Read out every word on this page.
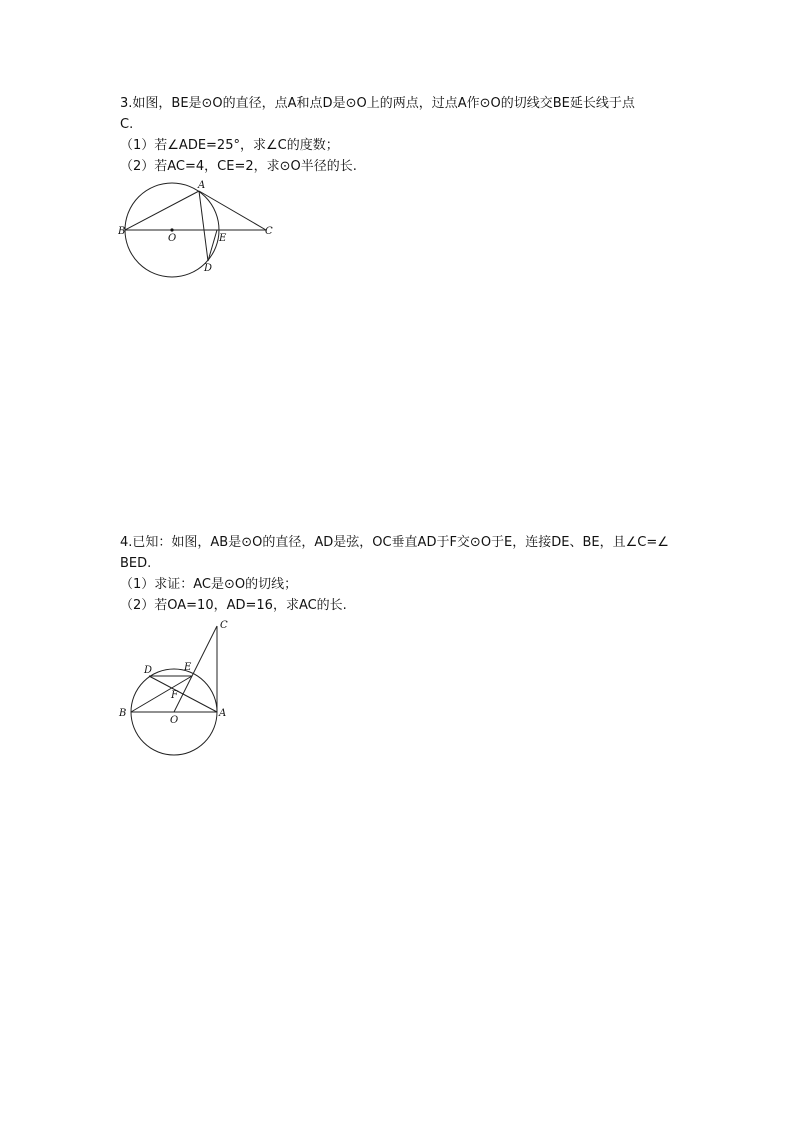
3.如图，BE是⊙O的直径，点A和点D是⊙O上的两点，过点A作⊙O的切线交BE延长线于点
C.
（1）若∠ADE=25°，求∠C的度数；
（2）若AC=4，CE=2，求⊙O半径的长.
A
B
O	E
C
D
4.已知：如图，AB是⊙O的直径，AD是弦，OC垂直AD于F交⊙O于E，连接DE、BE，且∠C=∠
BED.
（1）求证：AC是⊙O的切线；
（2）若OA=10，AD=16，求AC的长.
C
D	E
F
B
O
A
